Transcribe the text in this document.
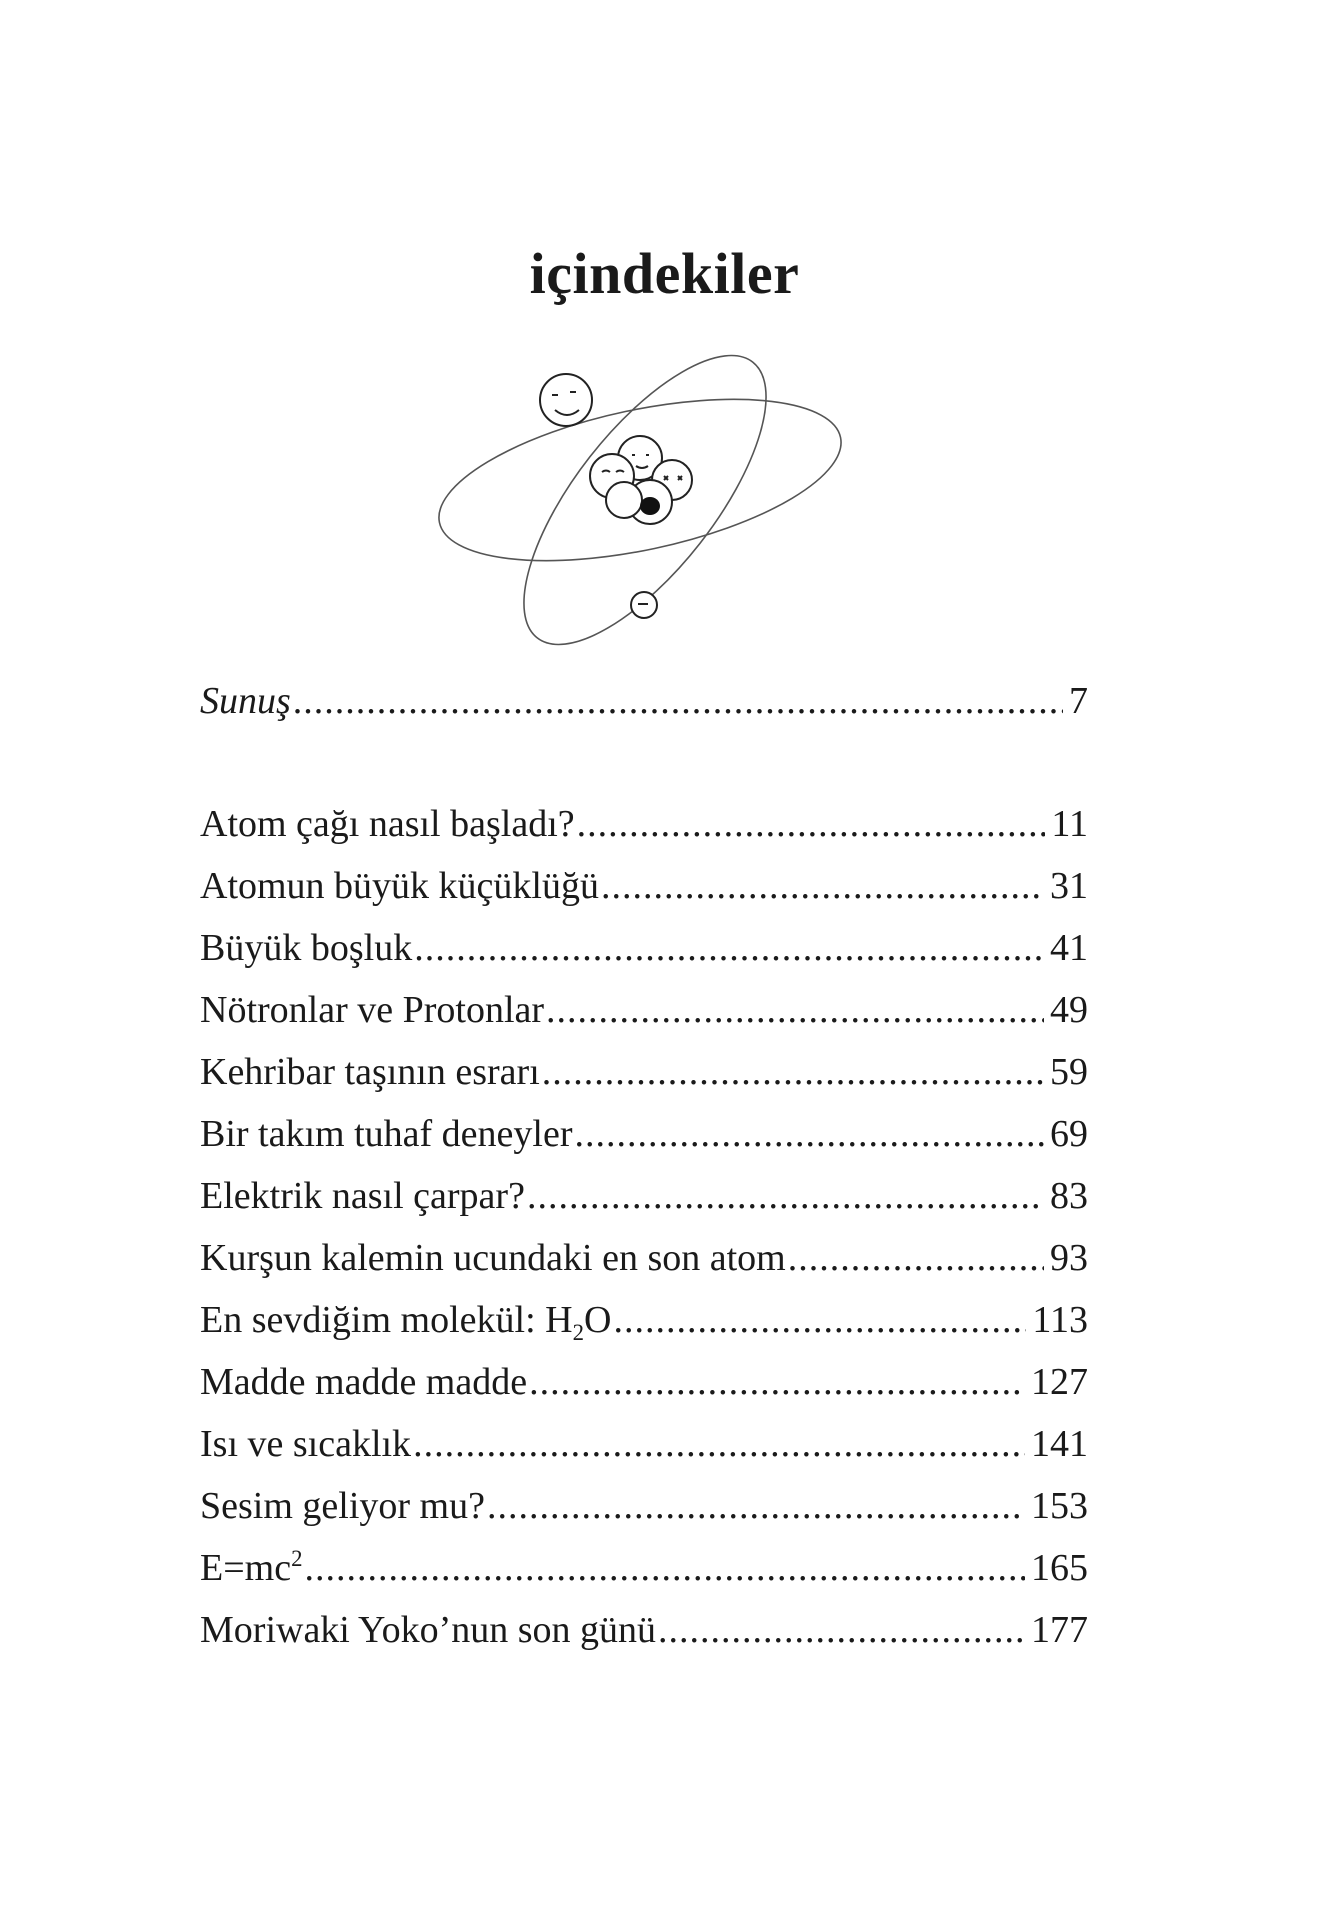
içindekiler
Sunuş .....	7
Atom çağı nasıl başladı? .....	11
Atomun büyük küçüklüğü .....	31
Büyük boşluk .....	41
Nötronlar ve Protonlar .....	49
Kehribar taşının esrarı .....	59
Bir takım tuhaf deneyler .....	69
Elektrik nasıl çarpar? .....	83
Kurşun kalemin ucundaki en son atom .....	93
En sevdiğim molekül: $H_2O$ .....	113
Madde madde madde .....	127
Isı ve sıcaklık .....	141
Sesim geliyor mu? .....	153
$E=mc^2$ .....	165
Moriwaki Yoko’nun son günü .....	177
